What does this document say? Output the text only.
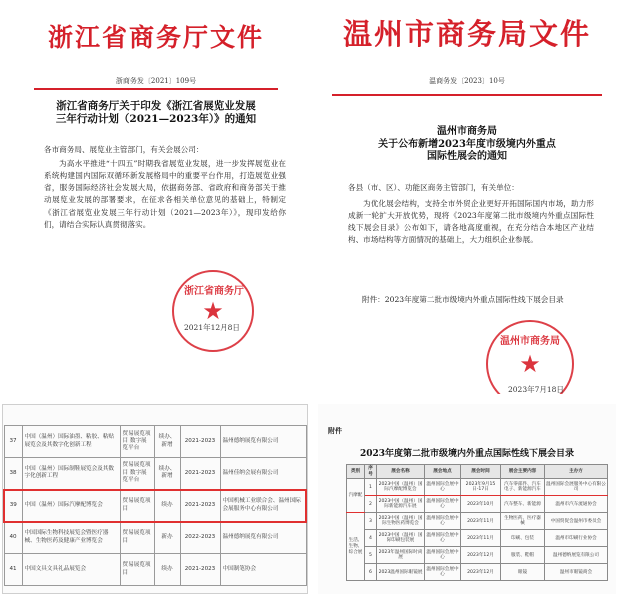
浙江省商务厅文件
浙商务发〔2021〕109号
浙江省商务厅关于印发《浙江省展览业发展
三年行动计划（2021—2023年）》的通知
各市商务局、展览业主管部门，有关会展公司：
为高水平推进“十四五”时期我省展览业发展，进一步发挥展览业在系统构建国内国际双循环新发展格局中的重要平台作用，打造展览业强省，服务国际经济社会发展大局，依据商务部、省政府和商务部关于推动展览业发展的部署要求，在征求各相关单位意见的基础上，特制定《浙江省展览业发展三年行动计划（2021—2023年）》，现印发给你们，请结合实际认真贯彻落实。
★
浙江省商务厅
2021年12月8日
温州市商务局文件
温商务发〔2023〕10号
温州市商务局
关于公布新增2023年度市级境内外重点
国际性展会的通知
各县（市、区）、功能区商务主管部门，有关单位：
为优化展会结构，支持全市外贸企业更好开拓国际国内市场，助力形成新一轮扩大开放优势，现将《2023年度第二批市级境内外重点国际性线下展会目录》公布如下，请各地高度重视，在充分结合本地区产业结构、市场结构等方面情况的基础上，大力组织企业参展。
附件：2023年度第二批市级境内外重点国际性线下展会目录
★
温州市商务局
2023年7月18日
37	中国（温州）国际油墨、粘胶、粘贴展览会及其数字化创新工程	贸易展览项目 数字展览平台	续办、新增	2021-2023	温州德纳展览有限公司
38	中国（温州）国际制鞋展览会及其数字化创新工程	贸易展览项目 数字展览平台	续办、新增	2021-2023	温州佳纳会展有限公司
39	中国（温州）国际汽摩配博览会	贸易展览项目	续办	2021-2023	中国机械工业联合会、温州国际会展服务中心有限公司
40	中国国际生物科技展览会暨医疗器械、生物医药及健康产业博览会	贸易展览项目	新办	2022-2023	温州德纳展览有限公司
41	中国文具文具礼品展览会	贸易展览项目	续办	2021-2023	中国制笔协会
附件
2023年度第二批市级境内外重点国际性线下展会目录
类别	序号	展会名称	展会地点	展会时间	展会主要内容	主办方
汽摩配	1	2023中国（温州）国际汽摩配博览会	温州国际会展中心	2023年9月15日-17日	汽车零部件、汽车电子、新能源汽车	温州国际会展服务中心有限公司
	2	2023中国（温州）国际新能源汽车展	温州国际会展中心	2023年10月	汽车整车、新能源	温州市汽车流通协会
生活、生物、综合展	3	2023中国（温州）国际生物医药博览会	温州国际会展中心	2023年11月	生物医药、医疗器械	中国贸促会温州市委员会
	4	2023中国（温州）国际印刷包装展	温州国际会展中心	2023年11月	印刷、包装	温州市印刷行业协会
	5	2023年温州国际时尚展	温州国际会展中心	2023年12月	服装、鞋帽	温州德纳展览有限公司
	6	2023温州国际眼镜展	温州国际会展中心	2023年12月	眼镜	温州市眼镜商会
